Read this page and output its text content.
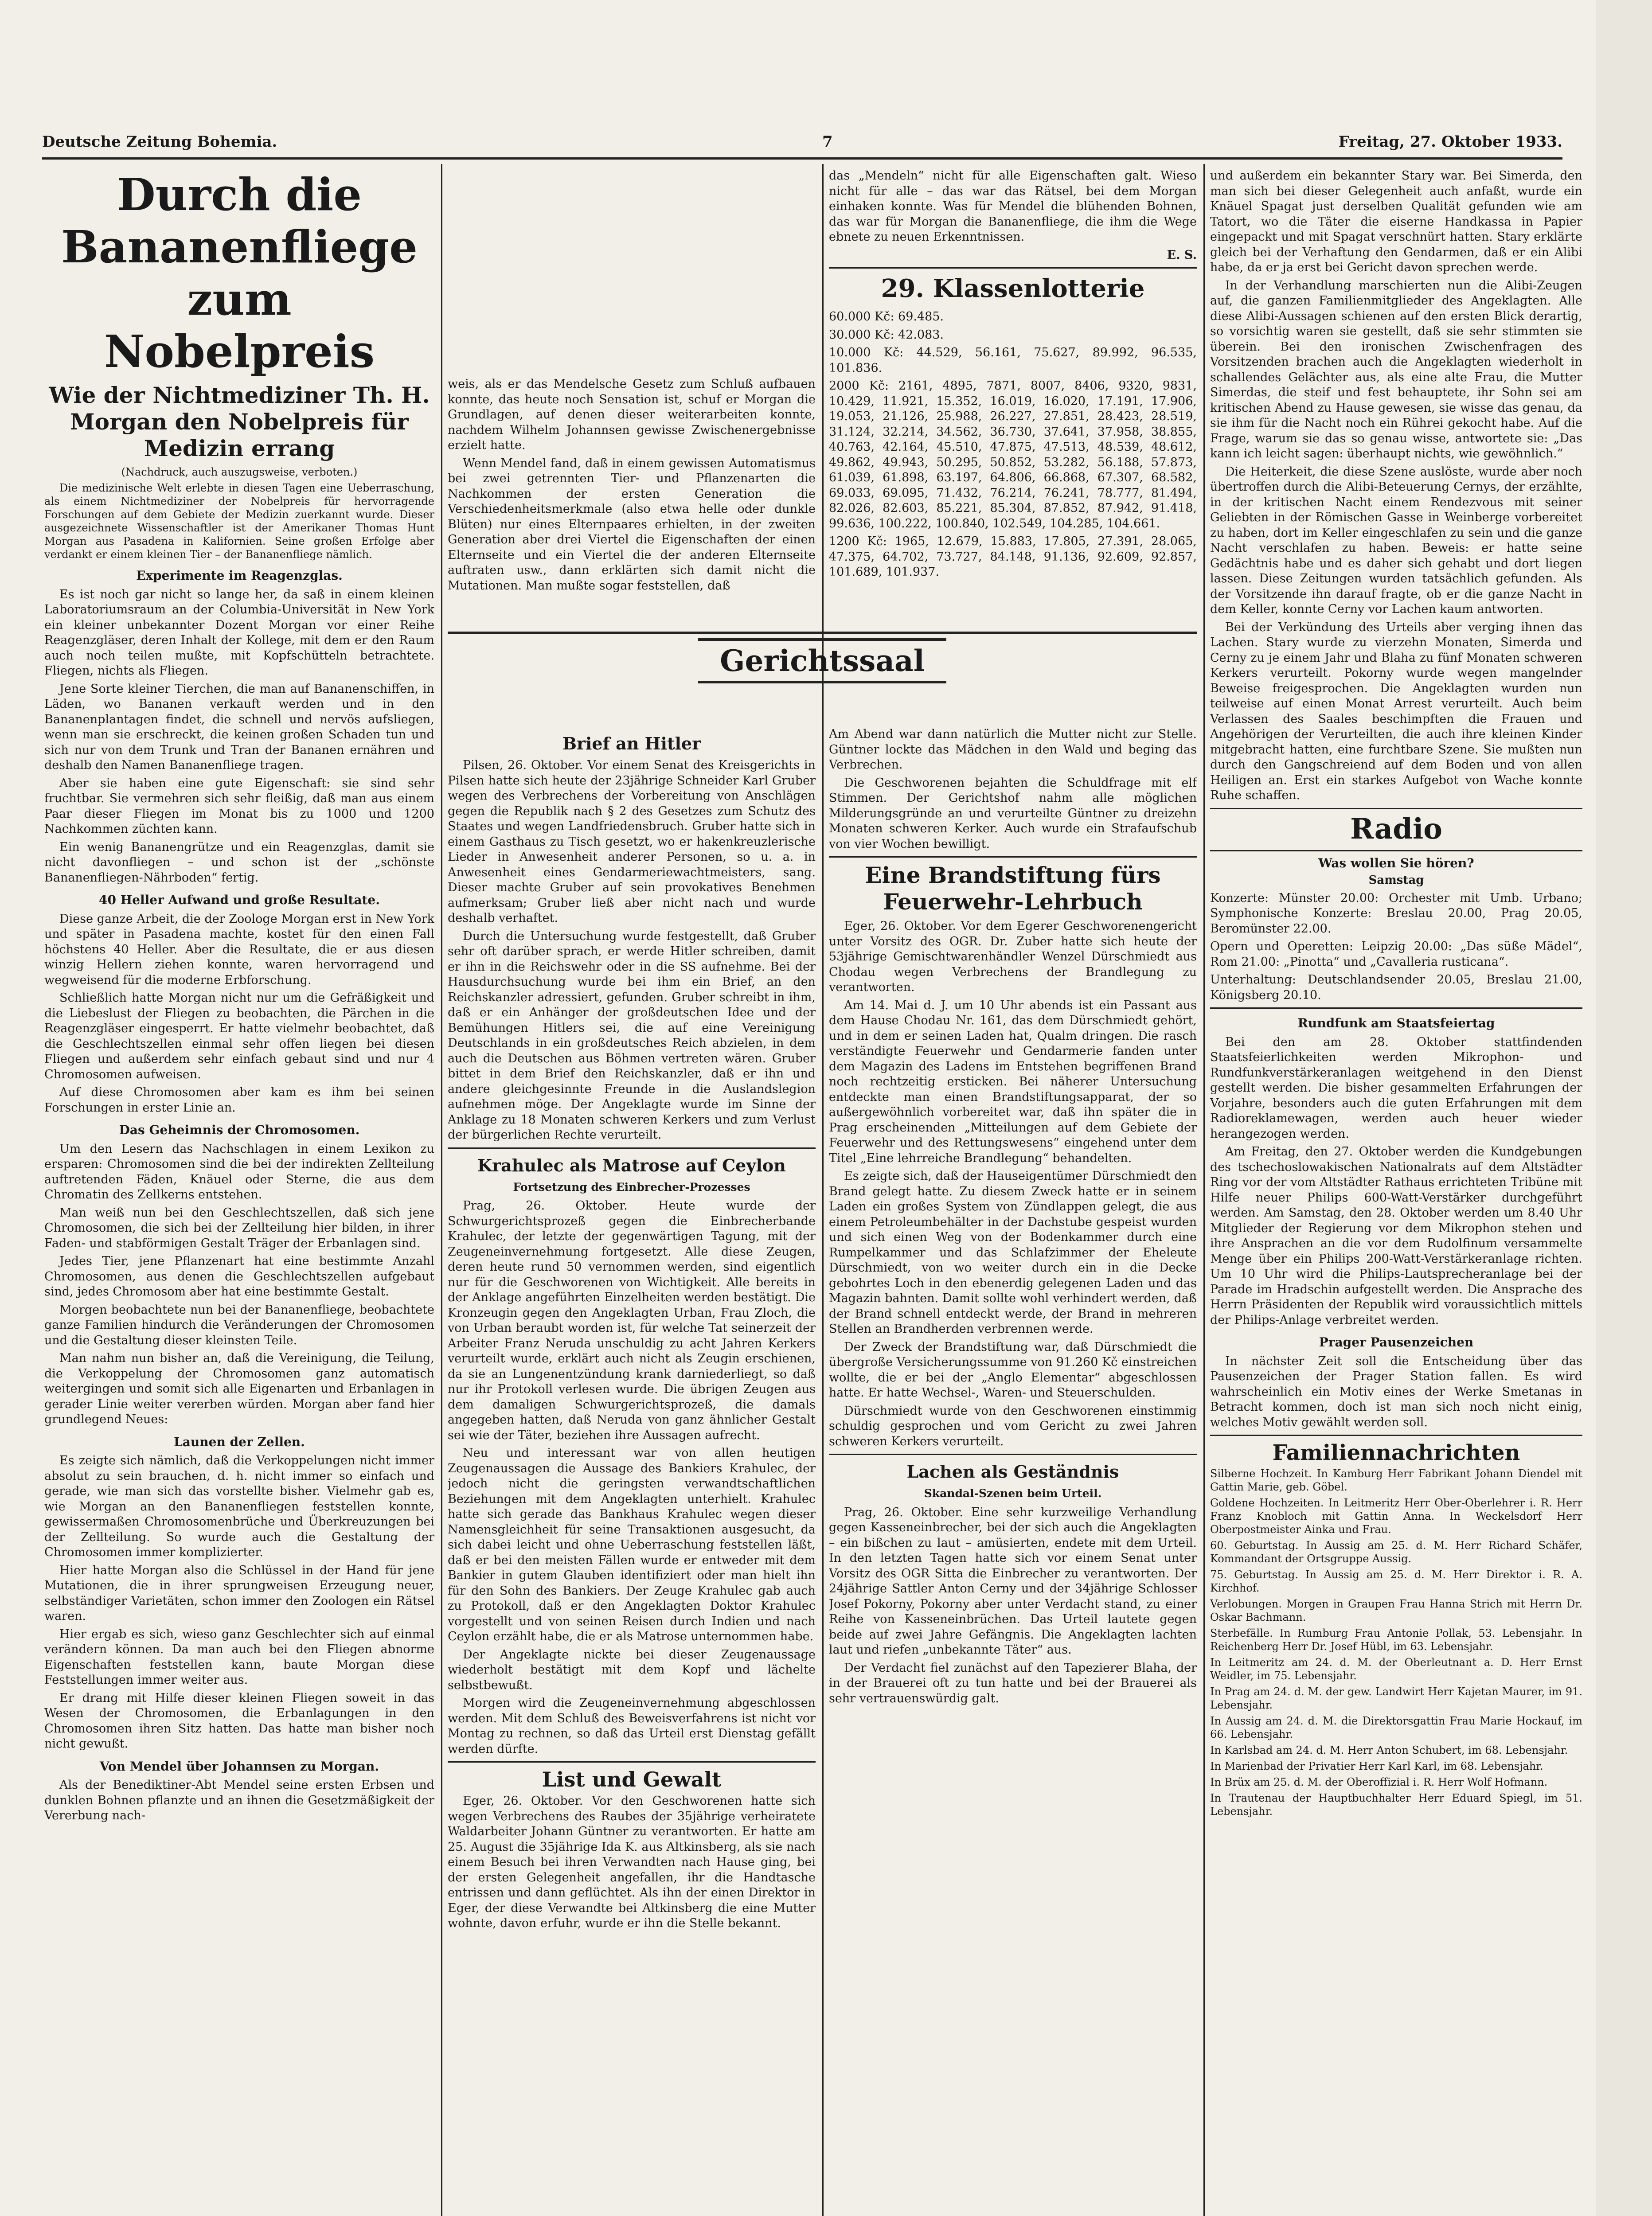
Deutsche Zeitung Bohemia.	7	Freitag, 27. Oktober 1933.
Durch die Bananenfliege
zum Nobelpreis
Wie der Nichtmediziner Th. H. Morgan den Nobelpreis für Medizin errang

(Nachdruck, auch auszugsweise, verboten.)

Die medizinische Welt erlebte in diesen Tagen eine Ueberraschung, als einem Nichtmediziner der Nobelpreis für hervorragende Forschungen auf dem Gebiete der Medizin zuerkannt wurde. Dieser ausgezeichnete Wissenschaftler ist der Amerikaner Thomas Hunt Morgan aus Pasadena in Kalifornien. Seine großen Erfolge aber verdankt er einem kleinen Tier – der Bananenfliege nämlich.

Experimente im Reagenzglas.

Es ist noch gar nicht so lange her, da saß in einem kleinen Laboratoriumsraum an der Columbia-Universität in New York ein kleiner unbekannter Dozent Morgan vor einer Reihe Reagenzgläser, deren Inhalt der Kollege, mit dem er den Raum auch noch teilen mußte, mit Kopfschütteln betrachtete. Fliegen, nichts als Fliegen.

Jene Sorte kleiner Tierchen, die man auf Bananenschiffen, in Läden, wo Bananen verkauft werden und in den Bananenplantagen findet, die schnell und nervös aufsliegen, wenn man sie erschreckt, die keinen großen Schaden tun und sich nur von dem Trunk und Tran der Bananen ernähren und deshalb den Namen Bananenfliege tragen.

Aber sie haben eine gute Eigenschaft: sie sind sehr fruchtbar. Sie vermehren sich sehr fleißig, daß man aus einem Paar dieser Fliegen im Monat bis zu 1000 und 1200 Nachkommen züchten kann.

Ein wenig Bananengrütze und ein Reagenzglas, damit sie nicht davonfliegen – und schon ist der „schönste Bananenfliegen-Nährboden“ fertig.

40 Heller Aufwand und große Resultate.

Diese ganze Arbeit, die der Zoologe Morgan erst in New York und später in Pasadena machte, kostet für den einen Fall höchstens 40 Heller. Aber die Resultate, die er aus diesen winzig Hellern ziehen konnte, waren hervorragend und wegweisend für die moderne Erbforschung.

Schließlich hatte Morgan nicht nur um die Gefräßigkeit und die Liebeslust der Fliegen zu beobachten, die Pärchen in die Reagenzgläser eingesperrt. Er hatte vielmehr beobachtet, daß die Geschlechtszellen einmal sehr offen liegen bei diesen Fliegen und außerdem sehr einfach gebaut sind und nur 4 Chromosomen aufweisen.

Auf diese Chromosomen aber kam es ihm bei seinen Forschungen in erster Linie an.

Das Geheimnis der Chromosomen.

Um den Lesern das Nachschlagen in einem Lexikon zu ersparen: Chromosomen sind die bei der indirekten Zellteilung auftretenden Fäden, Knäuel oder Sterne, die aus dem Chromatin des Zellkerns entstehen.

Man weiß nun bei den Geschlechtszellen, daß sich jene Chromosomen, die sich bei der Zellteilung hier bilden, in ihrer Faden- und stabförmigen Gestalt Träger der Erbanlagen sind.

Jedes Tier, jene Pflanzenart hat eine bestimmte Anzahl Chromosomen, aus denen die Geschlechtszellen aufgebaut sind, jedes Chromosom aber hat eine bestimmte Gestalt.

Morgen beobachtete nun bei der Bananenfliege, beobachtete ganze Familien hindurch die Veränderungen der Chromosomen und die Gestaltung dieser kleinsten Teile.

Man nahm nun bisher an, daß die Vereinigung, die Teilung, die Verkoppelung der Chromosomen ganz automatisch weitergingen und somit sich alle Eigenarten und Erbanlagen in gerader Linie weiter vererben würden. Morgan aber fand hier grundlegend Neues:

Launen der Zellen.

Es zeigte sich nämlich, daß die Verkoppelungen nicht immer absolut zu sein brauchen, d. h. nicht immer so einfach und gerade, wie man sich das vorstellte bisher. Vielmehr gab es, wie Morgan an den Bananenfliegen feststellen konnte, gewissermaßen Chromosomenbrüche und Überkreuzungen bei der Zellteilung. So wurde auch die Gestaltung der Chromosomen immer komplizierter.

Hier hatte Morgan also die Schlüssel in der Hand für jene Mutationen, die in ihrer sprungweisen Erzeugung neuer, selbständiger Varietäten, schon immer den Zoologen ein Rätsel waren.

Hier ergab es sich, wieso ganz Geschlechter sich auf einmal verändern können. Da man auch bei den Fliegen abnorme Eigenschaften feststellen kann, baute Morgan diese Feststellungen immer weiter aus.

Er drang mit Hilfe dieser kleinen Fliegen soweit in das Wesen der Chromosomen, die Erbanlagungen in den Chromosomen ihren Sitz hatten. Das hatte man bisher noch nicht gewußt.

Von Mendel über Johannsen zu Morgan.

Als der Benediktiner-Abt Mendel seine ersten Erbsen und dunklen Bohnen pflanzte und an ihnen die Gesetzmäßigkeit der Vererbung nach-

weis, als er das Mendelsche Gesetz zum Schluß aufbauen konnte, das heute noch Sensation ist, schuf er Morgan die Grundlagen, auf denen dieser weiterarbeiten konnte, nachdem Wilhelm Johannsen gewisse Zwischenergebnisse erzielt hatte.

Wenn Mendel fand, daß in einem gewissen Automatismus bei zwei getrennten Tier- und Pflanzenarten die Nachkommen der ersten Generation die Verschiedenheitsmerkmale (also etwa helle oder dunkle Blüten) nur eines Elternpaares erhielten, in der zweiten Generation aber drei Viertel die Eigenschaften der einen Elternseite und ein Viertel die der anderen Elternseite auftraten usw., dann erklärten sich damit nicht die Mutationen. Man mußte sogar feststellen, daß

das „Mendeln“ nicht für alle Eigenschaften galt. Wieso nicht für alle – das war das Rätsel, bei dem Morgan einhaken konnte. Was für Mendel die blühenden Bohnen, das war für Morgan die Bananenfliege, die ihm die Wege ebnete zu neuen Erkenntnissen.

E. S.

29. Klassenlotterie

60.000 Kč: 69.485.

30.000 Kč: 42.083.

10.000 Kč: 44.529, 56.161, 75.627, 89.992, 96.535, 101.836.

2000 Kč: 2161, 4895, 7871, 8007, 8406, 9320, 9831, 10.429, 11.921, 15.352, 16.019, 16.020, 17.191, 17.906, 19.053, 21.126, 25.988, 26.227, 27.851, 28.423, 28.519, 31.124, 32.214, 34.562, 36.730, 37.641, 37.958, 38.855, 40.763, 42.164, 45.510, 47.875, 47.513, 48.539, 48.612, 49.862, 49.943, 50.295, 50.852, 53.282, 56.188, 57.873, 61.039, 61.898, 63.197, 64.806, 66.868, 67.307, 68.582, 69.033, 69.095, 71.432, 76.214, 76.241, 78.777, 81.494, 82.026, 82.603, 85.221, 85.304, 87.852, 87.942, 91.418, 99.636, 100.222, 100.840, 102.549, 104.285, 104.661.

1200 Kč: 1965, 12.679, 15.883, 17.805, 27.391, 28.065, 47.375, 64.702, 73.727, 84.148, 91.136, 92.609, 92.857, 101.689, 101.937.

Gerichtssaal
Brief an Hitler

Pilsen, 26. Oktober. Vor einem Senat des Kreisgerichts in Pilsen hatte sich heute der 23jährige Schneider Karl Gruber wegen des Verbrechens der Vorbereitung von Anschlägen gegen die Republik nach § 2 des Gesetzes zum Schutz des Staates und wegen Landfriedensbruch. Gruber hatte sich in einem Gasthaus zu Tisch gesetzt, wo er hakenkreuzlerische Lieder in Anwesenheit anderer Personen, so u. a. in Anwesenheit eines Gendarmeriewachtmeisters, sang. Dieser machte Gruber auf sein provokatives Benehmen aufmerksam; Gruber ließ aber nicht nach und wurde deshalb verhaftet.

Durch die Untersuchung wurde festgestellt, daß Gruber sehr oft darüber sprach, er werde Hitler schreiben, damit er ihn in die Reichswehr oder in die SS aufnehme. Bei der Hausdurchsuchung wurde bei ihm ein Brief, an den Reichskanzler adressiert, gefunden. Gruber schreibt in ihm, daß er ein Anhänger der großdeutschen Idee und der Bemühungen Hitlers sei, die auf eine Vereinigung Deutschlands in ein großdeutsches Reich abzielen, in dem auch die Deutschen aus Böhmen vertreten wären. Gruber bittet in dem Brief den Reichskanzler, daß er ihn und andere gleichgesinnte Freunde in die Auslandslegion aufnehmen möge. Der Angeklagte wurde im Sinne der Anklage zu 18 Monaten schweren Kerkers und zum Verlust der bürgerlichen Rechte verurteilt.

Krahulec als Matrose auf Ceylon
Fortsetzung des Einbrecher-Prozesses

Prag, 26. Oktober. Heute wurde der Schwurgerichtsprozeß gegen die Einbrecherbande Krahulec, der letzte der gegenwärtigen Tagung, mit der Zeugeneinvernehmung fortgesetzt. Alle diese Zeugen, deren heute rund 50 vernommen werden, sind eigentlich nur für die Geschworenen von Wichtigkeit. Alle bereits in der Anklage angeführten Einzelheiten werden bestätigt. Die Kronzeugin gegen den Angeklagten Urban, Frau Zloch, die von Urban beraubt worden ist, für welche Tat seinerzeit der Arbeiter Franz Neruda unschuldig zu acht Jahren Kerkers verurteilt wurde, erklärt auch nicht als Zeugin erschienen, da sie an Lungenentzündung krank darniederliegt, so daß nur ihr Protokoll verlesen wurde. Die übrigen Zeugen aus dem damaligen Schwurgerichtsprozeß, die damals angegeben hatten, daß Neruda von ganz ähnlicher Gestalt sei wie der Täter, beziehen ihre Aussagen aufrecht.

Neu und interessant war von allen heutigen Zeugenaussagen die Aussage des Bankiers Krahulec, der jedoch nicht die geringsten verwandtschaftlichen Beziehungen mit dem Angeklagten unterhielt. Krahulec hatte sich gerade das Bankhaus Krahulec wegen dieser Namensgleichheit für seine Transaktionen ausgesucht, da sich dabei leicht und ohne Ueberraschung feststellen läßt, daß er bei den meisten Fällen wurde er entweder mit dem Bankier in gutem Glauben identifiziert oder man hielt ihn für den Sohn des Bankiers. Der Zeuge Krahulec gab auch zu Protokoll, daß er den Angeklagten Doktor Krahulec vorgestellt und von seinen Reisen durch Indien und nach Ceylon erzählt habe, die er als Matrose unternommen habe.

Der Angeklagte nickte bei dieser Zeugenaussage wiederholt bestätigt mit dem Kopf und lächelte selbstbewußt.

Morgen wird die Zeugeneinvernehmung abgeschlossen werden. Mit dem Schluß des Beweisverfahrens ist nicht vor Montag zu rechnen, so daß das Urteil erst Dienstag gefällt werden dürfte.

List und Gewalt

Eger, 26. Oktober. Vor den Geschworenen hatte sich wegen Verbrechens des Raubes der 35jährige verheiratete Waldarbeiter Johann Güntner zu verantworten. Er hatte am 25. August die 35jährige Ida K. aus Altkinsberg, als sie nach einem Besuch bei ihren Verwandten nach Hause ging, bei der ersten Gelegenheit angefallen, ihr die Handtasche entrissen und dann geflüchtet. Als ihn der einen Direktor in Eger, der diese Verwandte bei Altkinsberg die eine Mutter wohnte, davon erfuhr, wurde er ihn die Stelle bekannt.

Am Abend war dann natürlich die Mutter nicht zur Stelle. Güntner lockte das Mädchen in den Wald und beging das Verbrechen.

Die Geschworenen bejahten die Schuldfrage mit elf Stimmen. Der Gerichtshof nahm alle möglichen Milderungsgründe an und verurteilte Güntner zu dreizehn Monaten schweren Kerker. Auch wurde ein Strafaufschub von vier Wochen bewilligt.

Eine Brandstiftung fürs Feuerwehr-Lehrbuch

Eger, 26. Oktober. Vor dem Egerer Geschworenengericht unter Vorsitz des OGR. Dr. Zuber hatte sich heute der 53jährige Gemischtwarenhändler Wenzel Dürschmiedt aus Chodau wegen Verbrechens der Brandlegung zu verantworten.

Am 14. Mai d. J. um 10 Uhr abends ist ein Passant aus dem Hause Chodau Nr. 161, das dem Dürschmiedt gehört, und in dem er seinen Laden hat, Qualm dringen. Die rasch verständigte Feuerwehr und Gendarmerie fanden unter dem Magazin des Ladens im Entstehen begriffenen Brand noch rechtzeitig ersticken. Bei näherer Untersuchung entdeckte man einen Brandstiftungsapparat, der so außergewöhnlich vorbereitet war, daß ihn später die in Prag erscheinenden „Mitteilungen auf dem Gebiete der Feuerwehr und des Rettungswesens“ eingehend unter dem Titel „Eine lehrreiche Brandlegung“ behandelten.

Es zeigte sich, daß der Hauseigentümer Dürschmiedt den Brand gelegt hatte. Zu diesem Zweck hatte er in seinem Laden ein großes System von Zündlappen gelegt, die aus einem Petroleumbehälter in der Dachstube gespeist wurden und sich einen Weg von der Bodenkammer durch eine Rumpelkammer und das Schlafzimmer der Eheleute Dürschmiedt, von wo weiter durch ein in die Decke gebohrtes Loch in den ebenerdig gelegenen Laden und das Magazin bahnten. Damit sollte wohl verhindert werden, daß der Brand schnell entdeckt werde, der Brand in mehreren Stellen an Brandherden verbrennen werde.

Der Zweck der Brandstiftung war, daß Dürschmiedt die übergroße Versicherungssumme von 91.260 Kč einstreichen wollte, die er bei der „Anglo Elementar“ abgeschlossen hatte. Er hatte Wechsel-, Waren- und Steuerschulden.

Dürschmiedt wurde von den Geschworenen einstimmig schuldig gesprochen und vom Gericht zu zwei Jahren schweren Kerkers verurteilt.

Lachen als Geständnis
Skandal-Szenen beim Urteil.

Prag, 26. Oktober. Eine sehr kurzweilige Verhandlung gegen Kasseneinbrecher, bei der sich auch die Angeklagten – ein bißchen zu laut – amüsierten, endete mit dem Urteil. In den letzten Tagen hatte sich vor einem Senat unter Vorsitz des OGR Sitta die Einbrecher zu verantworten. Der 24jährige Sattler Anton Cerny und der 34jährige Schlosser Josef Pokorny, Pokorny aber unter Verdacht stand, zu einer Reihe von Kasseneinbrüchen. Das Urteil lautete gegen beide auf zwei Jahre Gefängnis. Die Angeklagten lachten laut und riefen „unbekannte Täter“ aus.

Der Verdacht fiel zunächst auf den Tapezierer Blaha, der in der Brauerei oft zu tun hatte und bei der Brauerei als sehr vertrauenswürdig galt.

und außerdem ein bekannter Stary war. Bei Simerda, den man sich bei dieser Gelegenheit auch anfaßt, wurde ein Knäuel Spagat just derselben Qualität gefunden wie am Tatort, wo die Täter die eiserne Handkassa in Papier eingepackt und mit Spagat verschnürt hatten. Stary erklärte gleich bei der Verhaftung den Gendarmen, daß er ein Alibi habe, da er ja erst bei Gericht davon sprechen werde.

In der Verhandlung marschierten nun die Alibi-Zeugen auf, die ganzen Familienmitglieder des Angeklagten. Alle diese Alibi-Aussagen schienen auf den ersten Blick derartig, so vorsichtig waren sie gestellt, daß sie sehr stimmten sie überein. Bei den ironischen Zwischenfragen des Vorsitzenden brachen auch die Angeklagten wiederholt in schallendes Gelächter aus, als eine alte Frau, die Mutter Simerdas, die steif und fest behauptete, ihr Sohn sei am kritischen Abend zu Hause gewesen, sie wisse das genau, da sie ihm für die Nacht noch ein Rührei gekocht habe. Auf die Frage, warum sie das so genau wisse, antwortete sie: „Das kann ich leicht sagen: überhaupt nichts, wie gewöhnlich.“

Die Heiterkeit, die diese Szene auslöste, wurde aber noch übertroffen durch die Alibi-Beteuerung Cernys, der erzählte, in der kritischen Nacht einem Rendezvous mit seiner Geliebten in der Römischen Gasse in Weinberge vorbereitet zu haben, dort im Keller eingeschlafen zu sein und die ganze Nacht verschlafen zu haben. Beweis: er hatte seine Gedächtnis habe und es daher sich gehabt und dort liegen lassen. Diese Zeitungen wurden tatsächlich gefunden. Als der Vorsitzende ihn darauf fragte, ob er die ganze Nacht in dem Keller, konnte Cerny vor Lachen kaum antworten.

Bei der Verkündung des Urteils aber verging ihnen das Lachen. Stary wurde zu vierzehn Monaten, Simerda und Cerny zu je einem Jahr und Blaha zu fünf Monaten schweren Kerkers verurteilt. Pokorny wurde wegen mangelnder Beweise freigesprochen. Die Angeklagten wurden nun teilweise auf einen Monat Arrest verurteilt. Auch beim Verlassen des Saales beschimpften die Frauen und Angehörigen der Verurteilten, die auch ihre kleinen Kinder mitgebracht hatten, eine furchtbare Szene. Sie mußten nun durch den Gangschreiend auf dem Boden und von allen Heiligen an. Erst ein starkes Aufgebot von Wache konnte Ruhe schaffen.

Radio
Was wollen Sie hören?
Samstag

Konzerte: Münster 20.00: Orchester mit Umb. Urbano; Symphonische Konzerte: Breslau 20.00, Prag 20.05, Beromünster 22.00.

Opern und Operetten: Leipzig 20.00: „Das süße Mädel“, Rom 21.00: „Pinotta“ und „Cavalleria rusticana“.

Unterhaltung: Deutschlandsender 20.05, Breslau 21.00, Königsberg 20.10.

Rundfunk am Staatsfeiertag

Bei den am 28. Oktober stattfindenden Staatsfeierlichkeiten werden Mikrophon- und Rundfunkverstärkeranlagen weitgehend in den Dienst gestellt werden. Die bisher gesammelten Erfahrungen der Vorjahre, besonders auch die guten Erfahrungen mit dem Radioreklamewagen, werden auch heuer wieder herangezogen werden.

Am Freitag, den 27. Oktober werden die Kundgebungen des tschechoslowakischen Nationalrats auf dem Altstädter Ring vor der vom Altstädter Rathaus errichteten Tribüne mit Hilfe neuer Philips 600-Watt-Verstärker durchgeführt werden. Am Samstag, den 28. Oktober werden um 8.40 Uhr Mitglieder der Regierung vor dem Mikrophon stehen und ihre Ansprachen an die vor dem Rudolfinum versammelte Menge über ein Philips 200-Watt-Verstärkeranlage richten. Um 10 Uhr wird die Philips-Lautsprecheranlage bei der Parade im Hradschin aufgestellt werden. Die Ansprache des Herrn Präsidenten der Republik wird voraussichtlich mittels der Philips-Anlage verbreitet werden.

Prager Pausenzeichen

In nächster Zeit soll die Entscheidung über das Pausenzeichen der Prager Station fallen. Es wird wahrscheinlich ein Motiv eines der Werke Smetanas in Betracht kommen, doch ist man sich noch nicht einig, welches Motiv gewählt werden soll.

Familiennachrichten

Silberne Hochzeit. In Kamburg Herr Fabrikant Johann Diendel mit Gattin Marie, geb. Göbel.

Goldene Hochzeiten. In Leitmeritz Herr Ober-Oberlehrer i. R. Herr Franz Knobloch mit Gattin Anna. In Weckelsdorf Herr Oberpostmeister Ainka und Frau.

60. Geburtstag. In Aussig am 25. d. M. Herr Richard Schäfer, Kommandant der Ortsgruppe Aussig.

75. Geburtstag. In Aussig am 25. d. M. Herr Direktor i. R. A. Kirchhof.

Verlobungen. Morgen in Graupen Frau Hanna Strich mit Herrn Dr. Oskar Bachmann.

Sterbefälle. In Rumburg Frau Antonie Pollak, 53. Lebensjahr. In Reichenberg Herr Dr. Josef Hübl, im 63. Lebensjahr.

In Leitmeritz am 24. d. M. der Oberleutnant a. D. Herr Ernst Weidler, im 75. Lebensjahr.

In Prag am 24. d. M. der gew. Landwirt Herr Kajetan Maurer, im 91. Lebensjahr.

In Aussig am 24. d. M. die Direktorsgattin Frau Marie Hockauf, im 66. Lebensjahr.

In Karlsbad am 24. d. M. Herr Anton Schubert, im 68. Lebensjahr.

In Marienbad der Privatier Herr Karl Karl, im 68. Lebensjahr.

In Brüx am 25. d. M. der Oberoffizial i. R. Herr Wolf Hofmann.

In Trautenau der Hauptbuchhalter Herr Eduard Spiegl, im 51. Lebensjahr.
